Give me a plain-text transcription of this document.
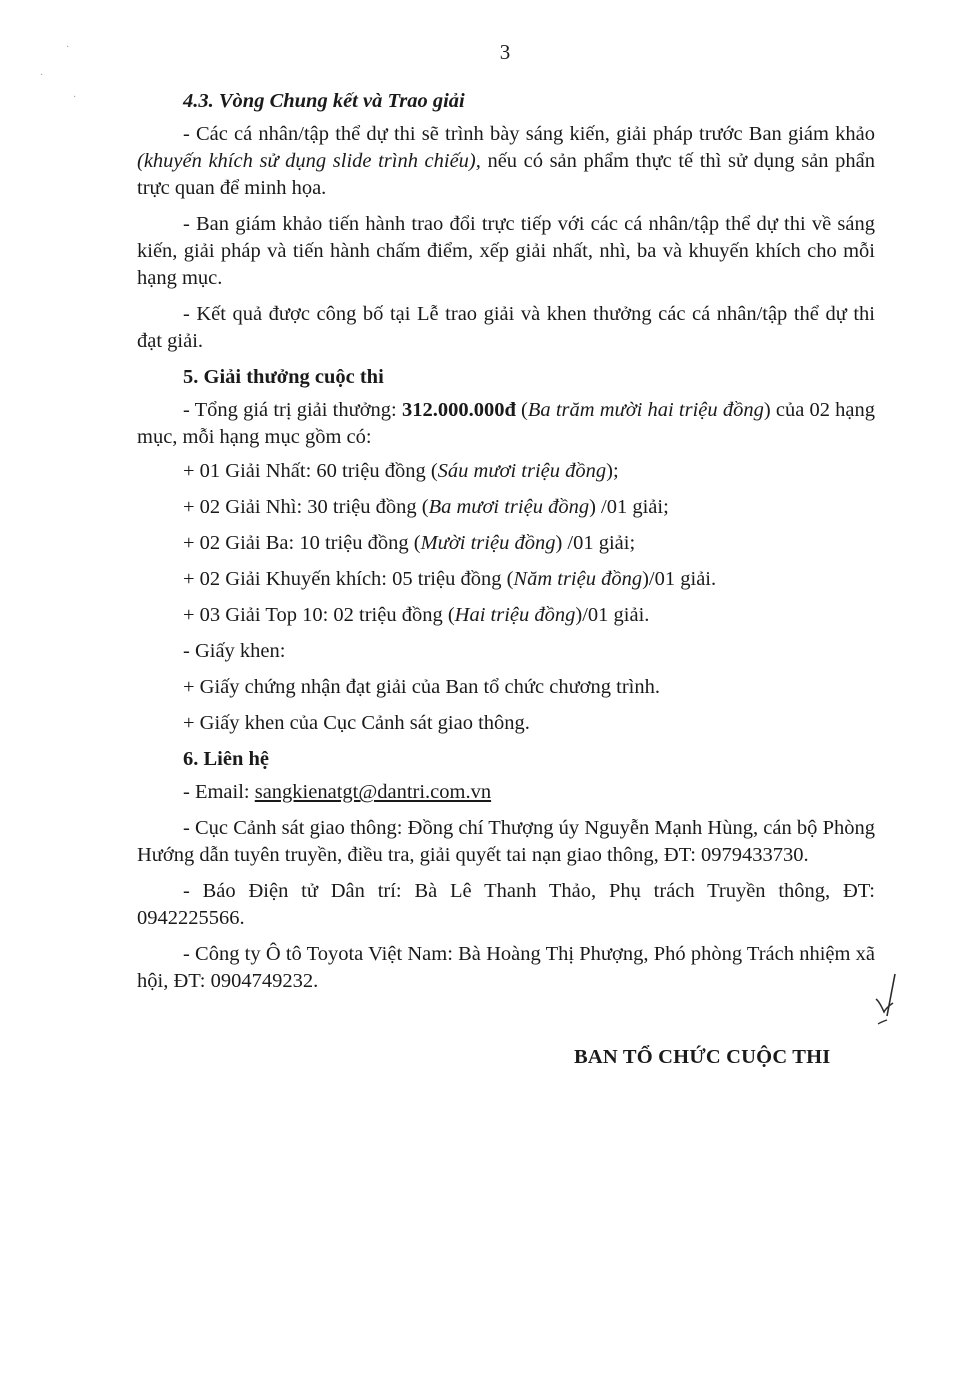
·
·
·
3
4.3. Vòng Chung kết và Trao giải

- Các cá nhân/tập thể dự thi sẽ trình bày sáng kiến, giải pháp trước Ban giám khảo (khuyến khích sử dụng slide trình chiếu), nếu có sản phẩm thực tế thì sử dụng sản phẩn trực quan để minh họa.

- Ban giám khảo tiến hành trao đổi trực tiếp với các cá nhân/tập thể dự thi về sáng kiến, giải pháp và tiến hành chấm điểm, xếp giải nhất, nhì, ba và khuyến khích cho mỗi hạng mục.

- Kết quả được công bố tại Lễ trao giải và khen thưởng các cá nhân/tập thể dự thi đạt giải.

5. Giải thưởng cuộc thi

- Tổng giá trị giải thưởng: 312.000.000đ (Ba trăm mười hai triệu đồng) của 02 hạng mục, mỗi hạng mục gồm có:

+ 01 Giải Nhất: 60 triệu đồng (Sáu mươi triệu đồng);
+ 02 Giải Nhì: 30 triệu đồng (Ba mươi triệu đồng) /01 giải;
+ 02 Giải Ba: 10 triệu đồng (Mười triệu đồng) /01 giải;
+ 02 Giải Khuyến khích: 05 triệu đồng (Năm triệu đồng)/01 giải.
+ 03 Giải Top 10: 02 triệu đồng (Hai triệu đồng)/01 giải.
- Giấy khen:
+ Giấy chứng nhận đạt giải của Ban tổ chức chương trình.
+ Giấy khen của Cục Cảnh sát giao thông.
6. Liên hệ
- Email: sangkienatgt@dantri.com.vn

- Cục Cảnh sát giao thông: Đồng chí Thượng úy Nguyễn Mạnh Hùng, cán bộ Phòng Hướng dẫn tuyên truyền, điều tra, giải quyết tai nạn giao thông, ĐT: 0979433730.

- Báo Điện tử Dân trí: Bà Lê Thanh Thảo, Phụ trách Truyền thông, ĐT: 0942225566.

- Công ty Ô tô Toyota Việt Nam: Bà Hoàng Thị Phượng, Phó phòng Trách nhiệm xã hội, ĐT: 0904749232.

BAN TỔ CHỨC CUỘC THI
